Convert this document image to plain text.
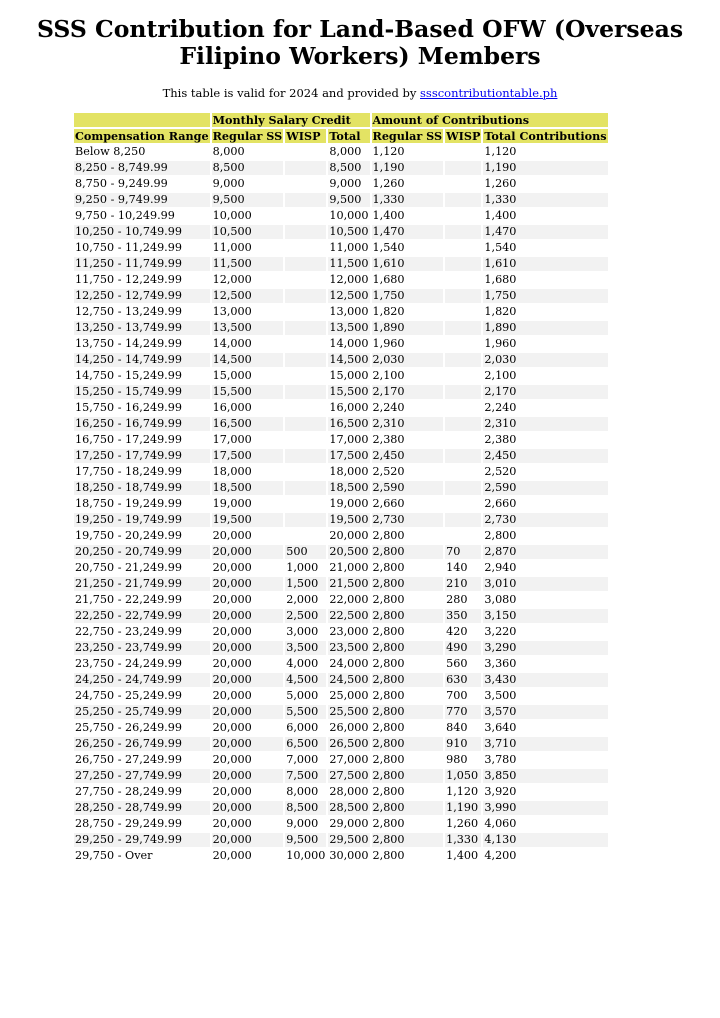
SSS Contribution for Land-Based OFW (Overseas Filipino Workers) Members
This table is valid for 2024 and provided by ssscontributiontable.ph
	Monthly Salary Credit			Amount of Contributions		
Compensation Range	Regular SS	WISP	Total	Regular SS	WISP	Total Contributions
Below 8,250	8,000		8,000	1,120		1,120
8,250 - 8,749.99	8,500		8,500	1,190		1,190
8,750 - 9,249.99	9,000		9,000	1,260		1,260
9,250 - 9,749.99	9,500		9,500	1,330		1,330
9,750 - 10,249.99	10,000		10,000	1,400		1,400
10,250 - 10,749.99	10,500		10,500	1,470		1,470
10,750 - 11,249.99	11,000		11,000	1,540		1,540
11,250 - 11,749.99	11,500		11,500	1,610		1,610
11,750 - 12,249.99	12,000		12,000	1,680		1,680
12,250 - 12,749.99	12,500		12,500	1,750		1,750
12,750 - 13,249.99	13,000		13,000	1,820		1,820
13,250 - 13,749.99	13,500		13,500	1,890		1,890
13,750 - 14,249.99	14,000		14,000	1,960		1,960
14,250 - 14,749.99	14,500		14,500	2,030		2,030
14,750 - 15,249.99	15,000		15,000	2,100		2,100
15,250 - 15,749.99	15,500		15,500	2,170		2,170
15,750 - 16,249.99	16,000		16,000	2,240		2,240
16,250 - 16,749.99	16,500		16,500	2,310		2,310
16,750 - 17,249.99	17,000		17,000	2,380		2,380
17,250 - 17,749.99	17,500		17,500	2,450		2,450
17,750 - 18,249.99	18,000		18,000	2,520		2,520
18,250 - 18,749.99	18,500		18,500	2,590		2,590
18,750 - 19,249.99	19,000		19,000	2,660		2,660
19,250 - 19,749.99	19,500		19,500	2,730		2,730
19,750 - 20,249.99	20,000		20,000	2,800		2,800
20,250 - 20,749.99	20,000	500	20,500	2,800	70	2,870
20,750 - 21,249.99	20,000	1,000	21,000	2,800	140	2,940
21,250 - 21,749.99	20,000	1,500	21,500	2,800	210	3,010
21,750 - 22,249.99	20,000	2,000	22,000	2,800	280	3,080
22,250 - 22,749.99	20,000	2,500	22,500	2,800	350	3,150
22,750 - 23,249.99	20,000	3,000	23,000	2,800	420	3,220
23,250 - 23,749.99	20,000	3,500	23,500	2,800	490	3,290
23,750 - 24,249.99	20,000	4,000	24,000	2,800	560	3,360
24,250 - 24,749.99	20,000	4,500	24,500	2,800	630	3,430
24,750 - 25,249.99	20,000	5,000	25,000	2,800	700	3,500
25,250 - 25,749.99	20,000	5,500	25,500	2,800	770	3,570
25,750 - 26,249.99	20,000	6,000	26,000	2,800	840	3,640
26,250 - 26,749.99	20,000	6,500	26,500	2,800	910	3,710
26,750 - 27,249.99	20,000	7,000	27,000	2,800	980	3,780
27,250 - 27,749.99	20,000	7,500	27,500	2,800	1,050	3,850
27,750 - 28,249.99	20,000	8,000	28,000	2,800	1,120	3,920
28,250 - 28,749.99	20,000	8,500	28,500	2,800	1,190	3,990
28,750 - 29,249.99	20,000	9,000	29,000	2,800	1,260	4,060
29,250 - 29,749.99	20,000	9,500	29,500	2,800	1,330	4,130
29,750 - Over	20,000	10,000	30,000	2,800	1,400	4,200
